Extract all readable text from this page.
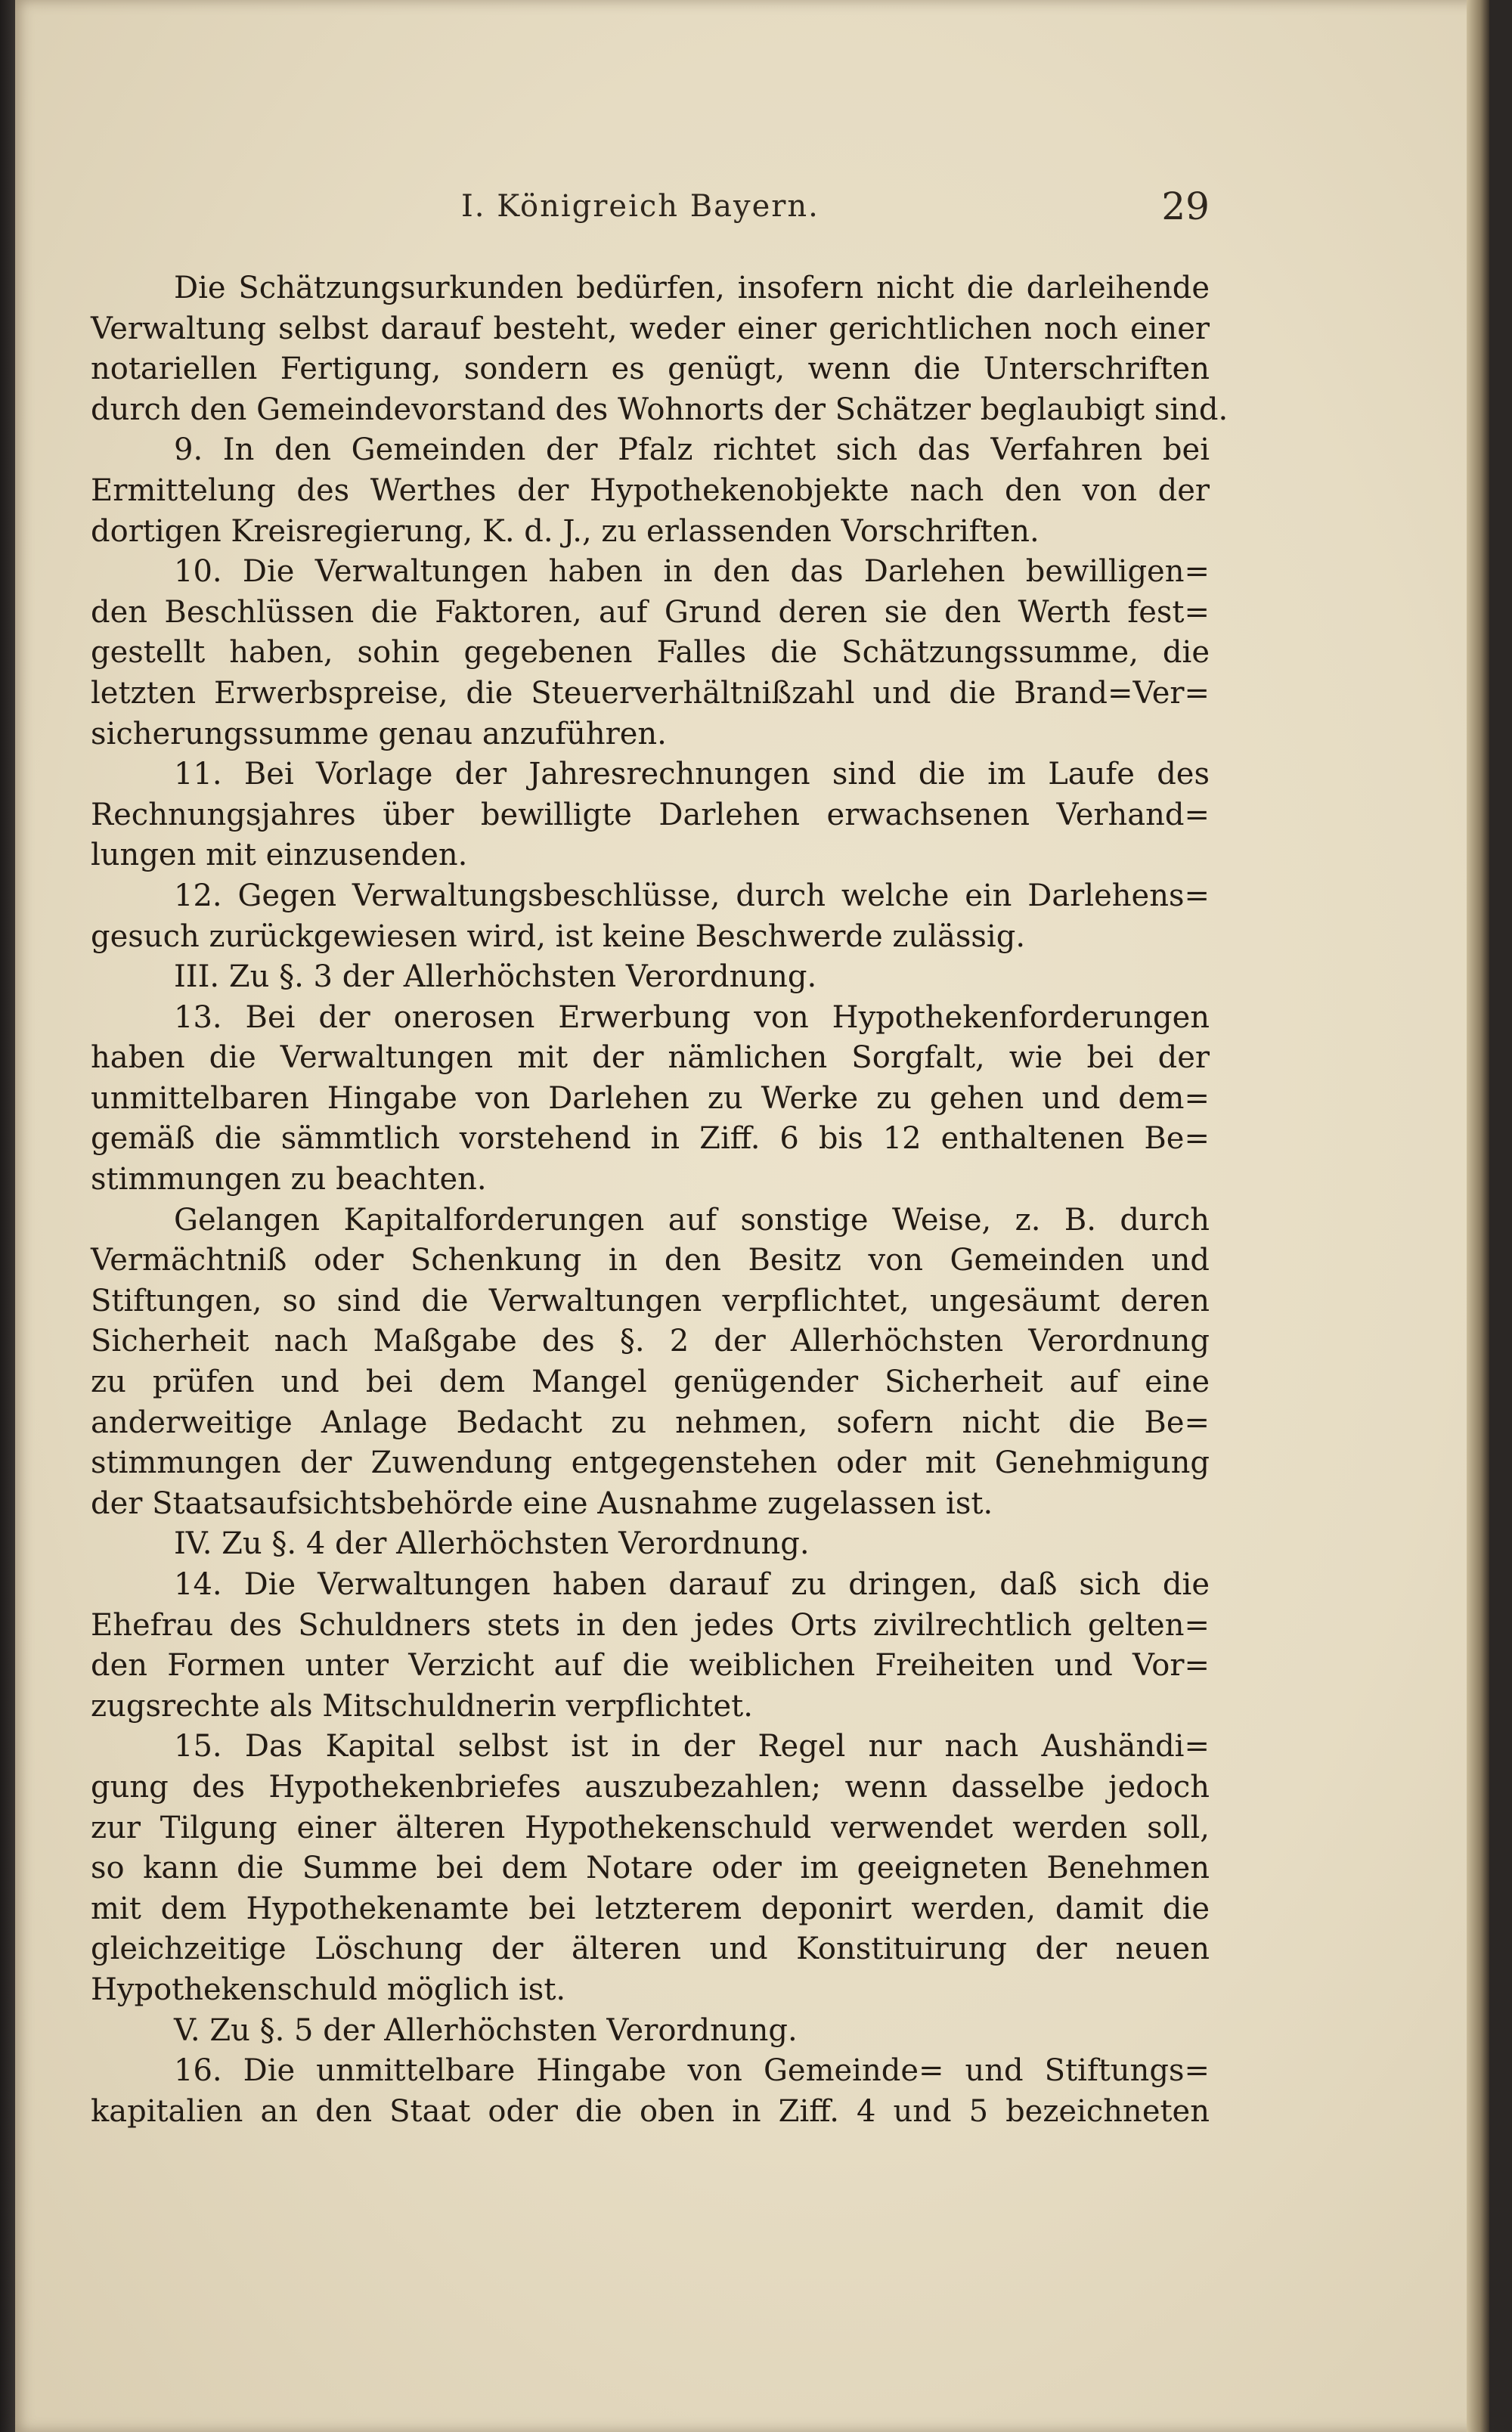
I. Königreich Bayern.	29
Die Schätzungsurkunden bedürfen, insofern nicht die darleihende
Verwaltung selbst darauf besteht, weder einer gerichtlichen noch einer
notariellen Fertigung, sondern es genügt, wenn die Unterschriften
durch den Gemeindevorstand des Wohnorts der Schätzer beglaubigt sind.
9. In den Gemeinden der Pfalz richtet sich das Verfahren bei
Ermittelung des Werthes der Hypothekenobjekte nach den von der
dortigen Kreisregierung, K. d. J., zu erlassenden Vorschriften.
10. Die Verwaltungen haben in den das Darlehen bewilligen=
den Beschlüssen die Faktoren, auf Grund deren sie den Werth fest=
gestellt haben, sohin gegebenen Falles die Schätzungssumme, die
letzten Erwerbspreise, die Steuerverhältnißzahl und die Brand=Ver=
sicherungssumme genau anzuführen.
11. Bei Vorlage der Jahresrechnungen sind die im Laufe des
Rechnungsjahres über bewilligte Darlehen erwachsenen Verhand=
lungen mit einzusenden.
12. Gegen Verwaltungsbeschlüsse, durch welche ein Darlehens=
gesuch zurückgewiesen wird, ist keine Beschwerde zulässig.
III. Zu §. 3 der Allerhöchsten Verordnung.
13. Bei der onerosen Erwerbung von Hypothekenforderungen
haben die Verwaltungen mit der nämlichen Sorgfalt, wie bei der
unmittelbaren Hingabe von Darlehen zu Werke zu gehen und dem=
gemäß die sämmtlich vorstehend in Ziff. 6 bis 12 enthaltenen Be=
stimmungen zu beachten.
Gelangen Kapitalforderungen auf sonstige Weise, z. B. durch
Vermächtniß oder Schenkung in den Besitz von Gemeinden und
Stiftungen, so sind die Verwaltungen verpflichtet, ungesäumt deren
Sicherheit nach Maßgabe des §. 2 der Allerhöchsten Verordnung
zu prüfen und bei dem Mangel genügender Sicherheit auf eine
anderweitige Anlage Bedacht zu nehmen, sofern nicht die Be=
stimmungen der Zuwendung entgegenstehen oder mit Genehmigung
der Staatsaufsichtsbehörde eine Ausnahme zugelassen ist.
IV. Zu §. 4 der Allerhöchsten Verordnung.
14. Die Verwaltungen haben darauf zu dringen, daß sich die
Ehefrau des Schuldners stets in den jedes Orts zivilrechtlich gelten=
den Formen unter Verzicht auf die weiblichen Freiheiten und Vor=
zugsrechte als Mitschuldnerin verpflichtet.
15. Das Kapital selbst ist in der Regel nur nach Aushändi=
gung des Hypothekenbriefes auszubezahlen; wenn dasselbe jedoch
zur Tilgung einer älteren Hypothekenschuld verwendet werden soll,
so kann die Summe bei dem Notare oder im geeigneten Benehmen
mit dem Hypothekenamte bei letzterem deponirt werden, damit die
gleichzeitige Löschung der älteren und Konstituirung der neuen
Hypothekenschuld möglich ist.
V. Zu §. 5 der Allerhöchsten Verordnung.
16. Die unmittelbare Hingabe von Gemeinde= und Stiftungs=
kapitalien an den Staat oder die oben in Ziff. 4 und 5 bezeichneten
